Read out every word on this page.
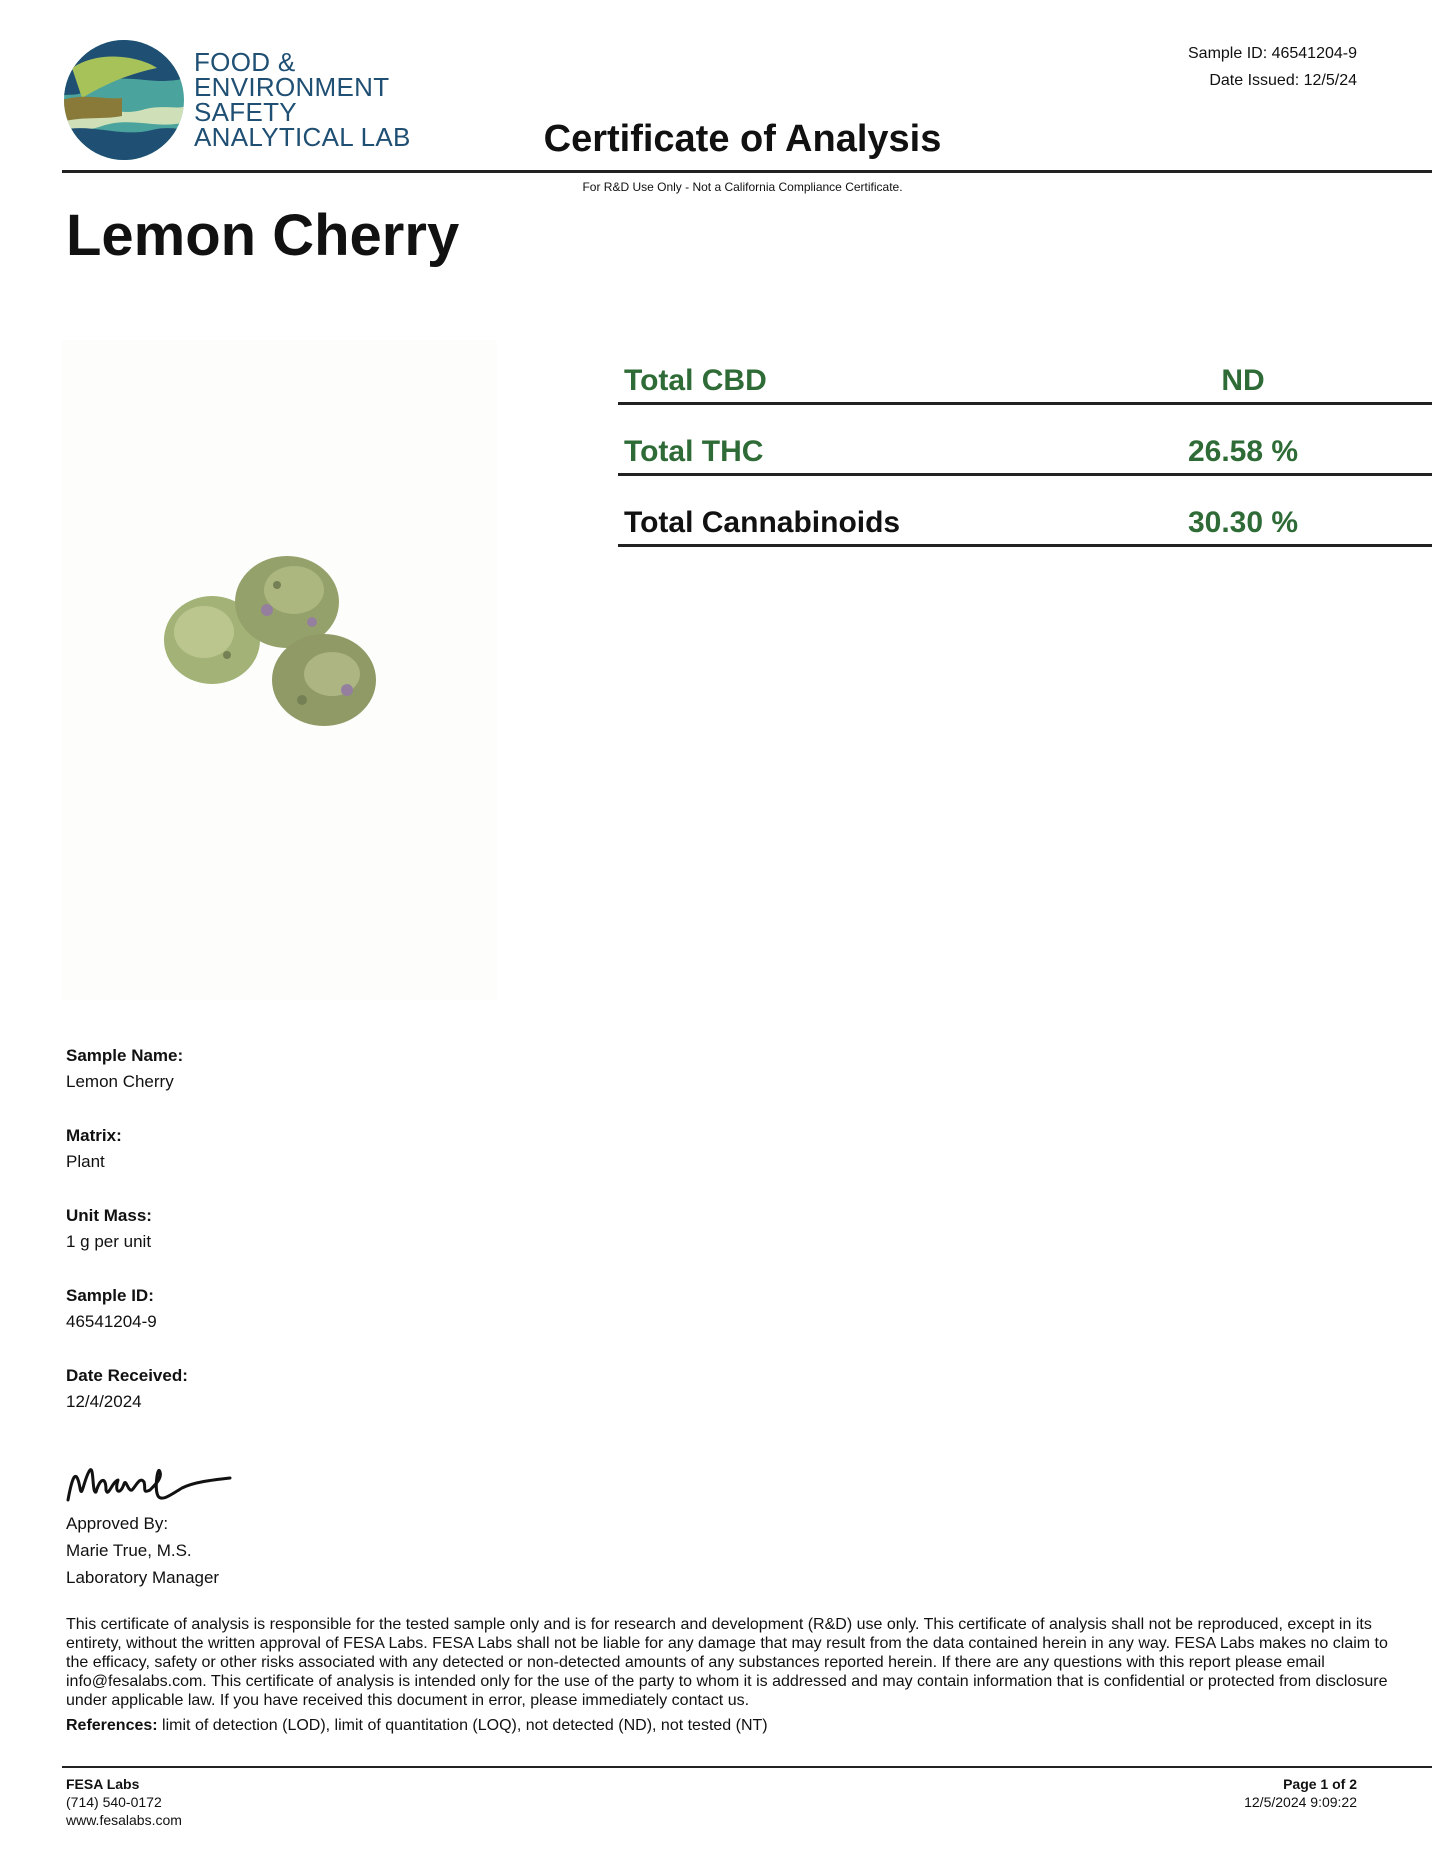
FOOD &
ENVIRONMENT
SAFETY
ANALYTICAL LAB
Sample ID: 46541204-9
Date Issued: 12/5/24
Certificate of Analysis
For R&D Use Only - Not a California Compliance Certificate.
Lemon Cherry
Total CBD	ND
Total THC	26.58 %
Total Cannabinoids	30.30 %
Sample Name:
Lemon Cherry
Matrix:
Plant
Unit Mass:
1 g per unit
Sample ID:
46541204-9
Date Received:
12/4/2024
Approved By:
Marie True, M.S.
Laboratory Manager
This certificate of analysis is responsible for the tested sample only and is for research and development (R&D) use only. This certificate of analysis shall not be reproduced, except in its entirety, without the written approval of FESA Labs. FESA Labs shall not be liable for any damage that may result from the data contained herein in any way. FESA Labs makes no claim to the efficacy, safety or other risks associated with any detected or non-detected amounts of any substances reported herein. If there are any questions with this report please email info@fesalabs.com. This certificate of analysis is intended only for the use of the party to whom it is addressed and may contain information that is confidential or protected from disclosure under applicable law. If you have received this document in error, please immediately contact us.
References: limit of detection (LOD), limit of quantitation (LOQ), not detected (ND), not tested (NT)
FESA Labs
(714) 540-0172
www.fesalabs.com
Page 1 of 2
12/5/2024 9:09:22
